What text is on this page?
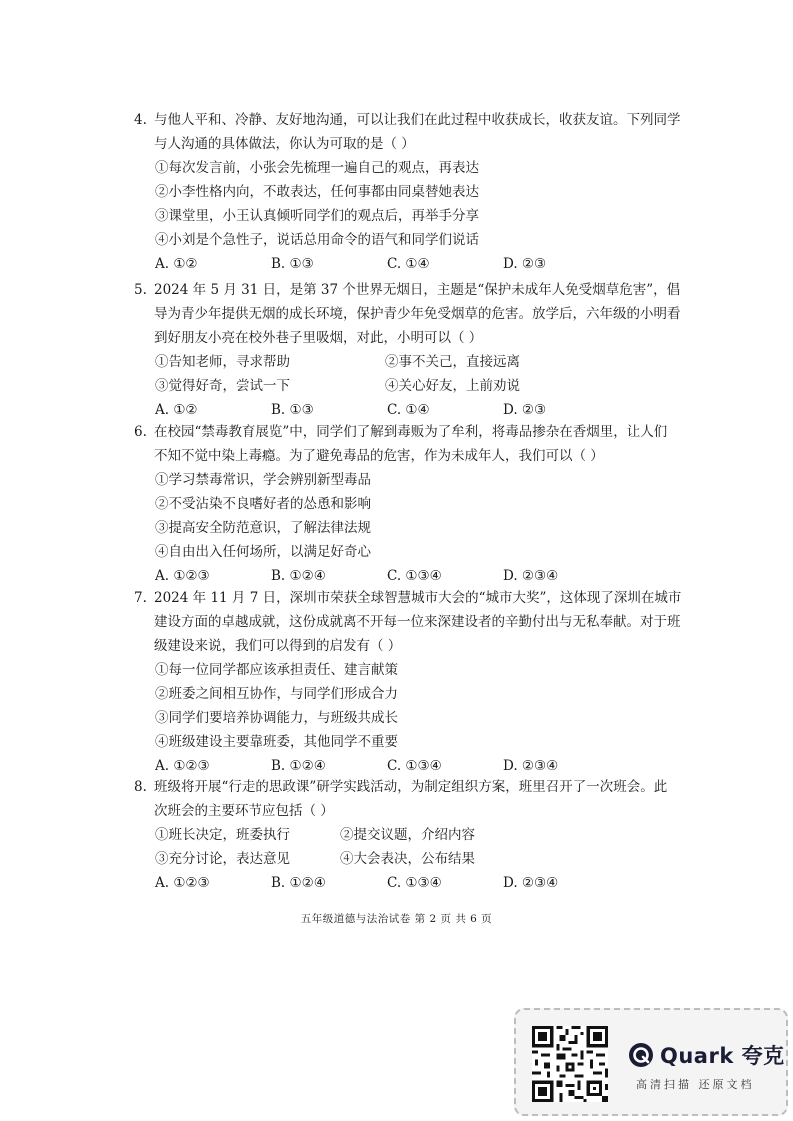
4. 与他人平和、冷静、友好地沟通，可以让我们在此过程中收获成长，收获友谊。下列同学
与人沟通的具体做法，你认为可取的是（ ）
①每次发言前，小张会先梳理一遍自己的观点，再表达
②小李性格内向，不敢表达，任何事都由同桌替她表达
③课堂里，小王认真倾听同学们的观点后，再举手分享
④小刘是个急性子，说话总用命令的语气和同学们说话
A. ①②	B. ①③	C. ①④	D. ②③
5. 2024 年 5 月 31 日，是第 37 个世界无烟日，主题是“保护未成年人免受烟草危害”，倡
导为青少年提供无烟的成长环境，保护青少年免受烟草的危害。放学后，六年级的小明看
到好朋友小亮在校外巷子里吸烟，对此，小明可以（ ）
①告知老师，寻求帮助	②事不关己，直接远离
③觉得好奇，尝试一下	④关心好友，上前劝说
A. ①②	B. ①③	C. ①④	D. ②③
6. 在校园“禁毒教育展览”中，同学们了解到毒贩为了牟利，将毒品掺杂在香烟里，让人们
不知不觉中染上毒瘾。为了避免毒品的危害，作为未成年人，我们可以（ ）
①学习禁毒常识，学会辨别新型毒品
②不受沾染不良嗜好者的怂恿和影响
③提高安全防范意识，了解法律法规
④自由出入任何场所，以满足好奇心
A. ①②③	B. ①②④	C. ①③④	D. ②③④
7. 2024 年 11 月 7 日，深圳市荣获全球智慧城市大会的“城市大奖”，这体现了深圳在城市
建设方面的卓越成就，这份成就离不开每一位来深建设者的辛勤付出与无私奉献。对于班
级建设来说，我们可以得到的启发有（ ）
①每一位同学都应该承担责任、建言献策
②班委之间相互协作，与同学们形成合力
③同学们要培养协调能力，与班级共成长
④班级建设主要靠班委，其他同学不重要
A. ①②③	B. ①②④	C. ①③④	D. ②③④
8. 班级将开展“行走的思政课”研学实践活动，为制定组织方案，班里召开了一次班会。此
次班会的主要环节应包括（ ）
①班长决定，班委执行	②提交议题，介绍内容
③充分讨论，表达意见	④大会表决，公布结果
A. ①②③	B. ①②④	C. ①③④	D. ②③④
五年级道德与法治试卷 第 2 页 共 6 页
Quark 夸克
高清扫描 还原文档
